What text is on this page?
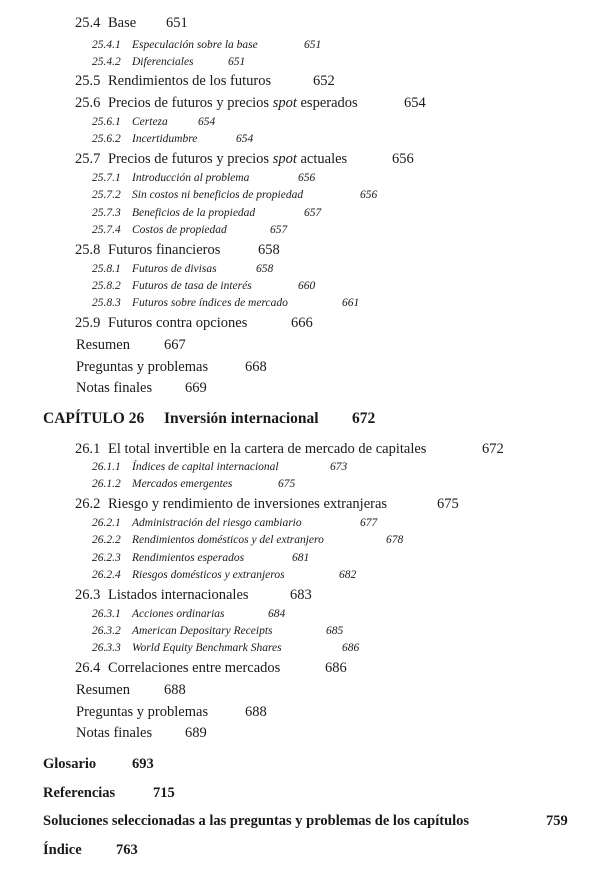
25.4 Base 651
25.4.1 Especulación sobre la base	651
25.4.2 Diferenciales	651
25.5 Rendimientos de los futuros	652
25.6 Precios de futuros y precios spot esperados	654
25.6.1 Certeza	654
25.6.2 Incertidumbre	654
25.7 Precios de futuros y precios spot actuales	656
25.7.1 Introducción al problema	656
25.7.2 Sin costos ni beneficios de propiedad	656
25.7.3 Beneficios de la propiedad	657
25.7.4 Costos de propiedad	657
25.8 Futuros financieros	658
25.8.1 Futuros de divisas	658
25.8.2 Futuros de tasa de interés	660
25.8.3 Futuros sobre índices de mercado	661
25.9 Futuros contra opciones	666
Resumen 667
Preguntas y problemas	668
Notas finales 669
CAPÍTULO 26 Inversión internacional 672
26.1 El total invertible en la cartera de mercado de capitales	672
26.1.1 Índices de capital internacional	673
26.1.2 Mercados emergentes	675
26.2 Riesgo y rendimiento de inversiones extranjeras	675
26.2.1 Administración del riesgo cambiario	677
26.2.2 Rendimientos domésticos y del extranjero	678
26.2.3 Rendimientos esperados	681
26.2.4 Riesgos domésticos y extranjeros	682
26.3 Listados internacionales	683
26.3.1 Acciones ordinarias	684
26.3.2 American Depositary Receipts	685
26.3.3 World Equity Benchmark Shares	686
26.4 Correlaciones entre mercados	686
Resumen 688
Preguntas y problemas	688
Notas finales 689
Glosario 693
Referencias	715
Soluciones seleccionadas a las preguntas y problemas de los capítulos	759
Índice 763
